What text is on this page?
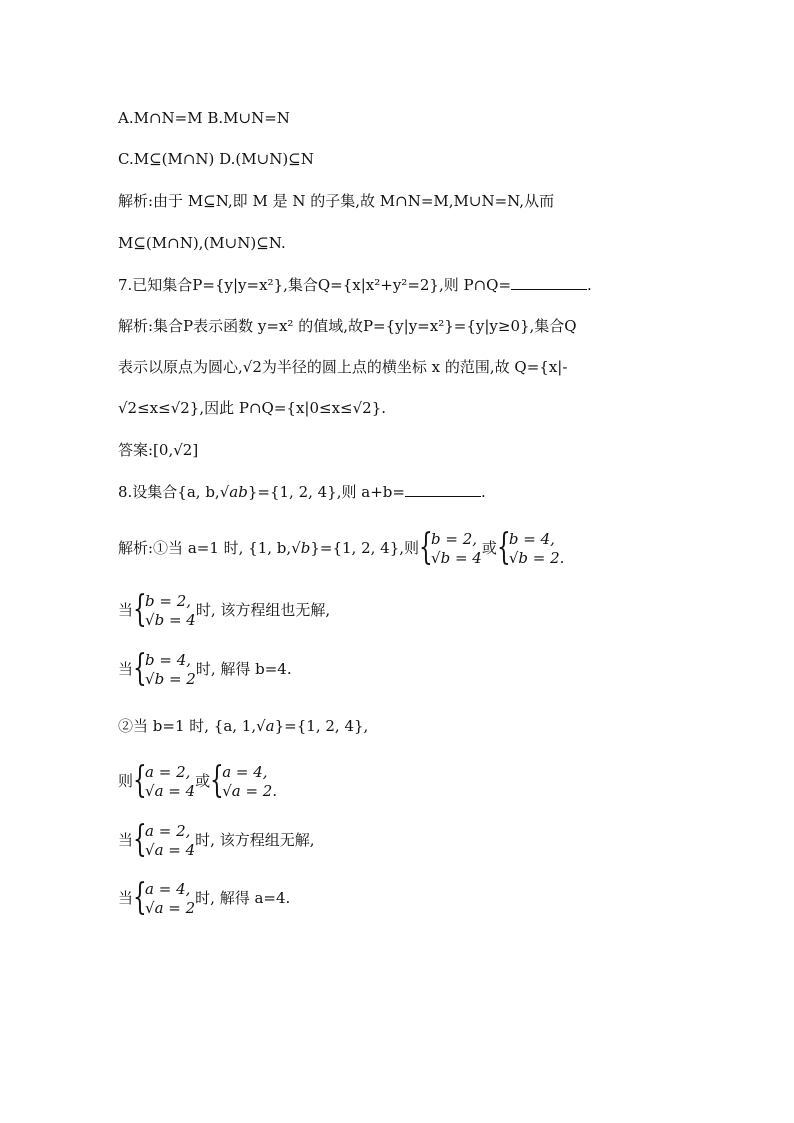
A.M∩N=M B.M∪N=N
C.M⊆(M∩N) D.(M∪N)⊆N
解析:由于 M⊆N,即 M 是 N 的子集,故 M∩N=M,M∪N=N,从而
M⊆(M∩N),(M∪N)⊆N.
7.已知集合P={y|y=x²},集合Q={x|x²+y²=2},则 P∩Q=	.
解析:集合P表示函数 y=x² 的值域,故P={y|y=x²}={y|y≥0},集合Q
表示以原点为圆心,√2为半径的圆上点的横坐标 x 的范围,故 Q={x|-
√2≤x≤√2},因此 P∩Q={x|0≤x≤√2}.
答案:[0,√2]
8.设集合{a, b,√ab}={1, 2, 4},则 a+b=	.
解析:①当 a=1 时, {1, b,√b}={1, 2, 4},则 {
b = 2,
√b = 4
或 {
b = 4,
√b = 2.
当 {
b = 2,
√b = 4
时, 该方程组也无解,
当 {
b = 4,
√b = 2
时, 解得 b=4.
②当 b=1 时, {a, 1,√a}={1, 2, 4},
则 {
a = 2,
√a = 4
或 {
a = 4,
√a = 2.
当 {
a = 2,
√a = 4
时, 该方程组无解,
当 {
a = 4,
√a = 2
时, 解得 a=4.
